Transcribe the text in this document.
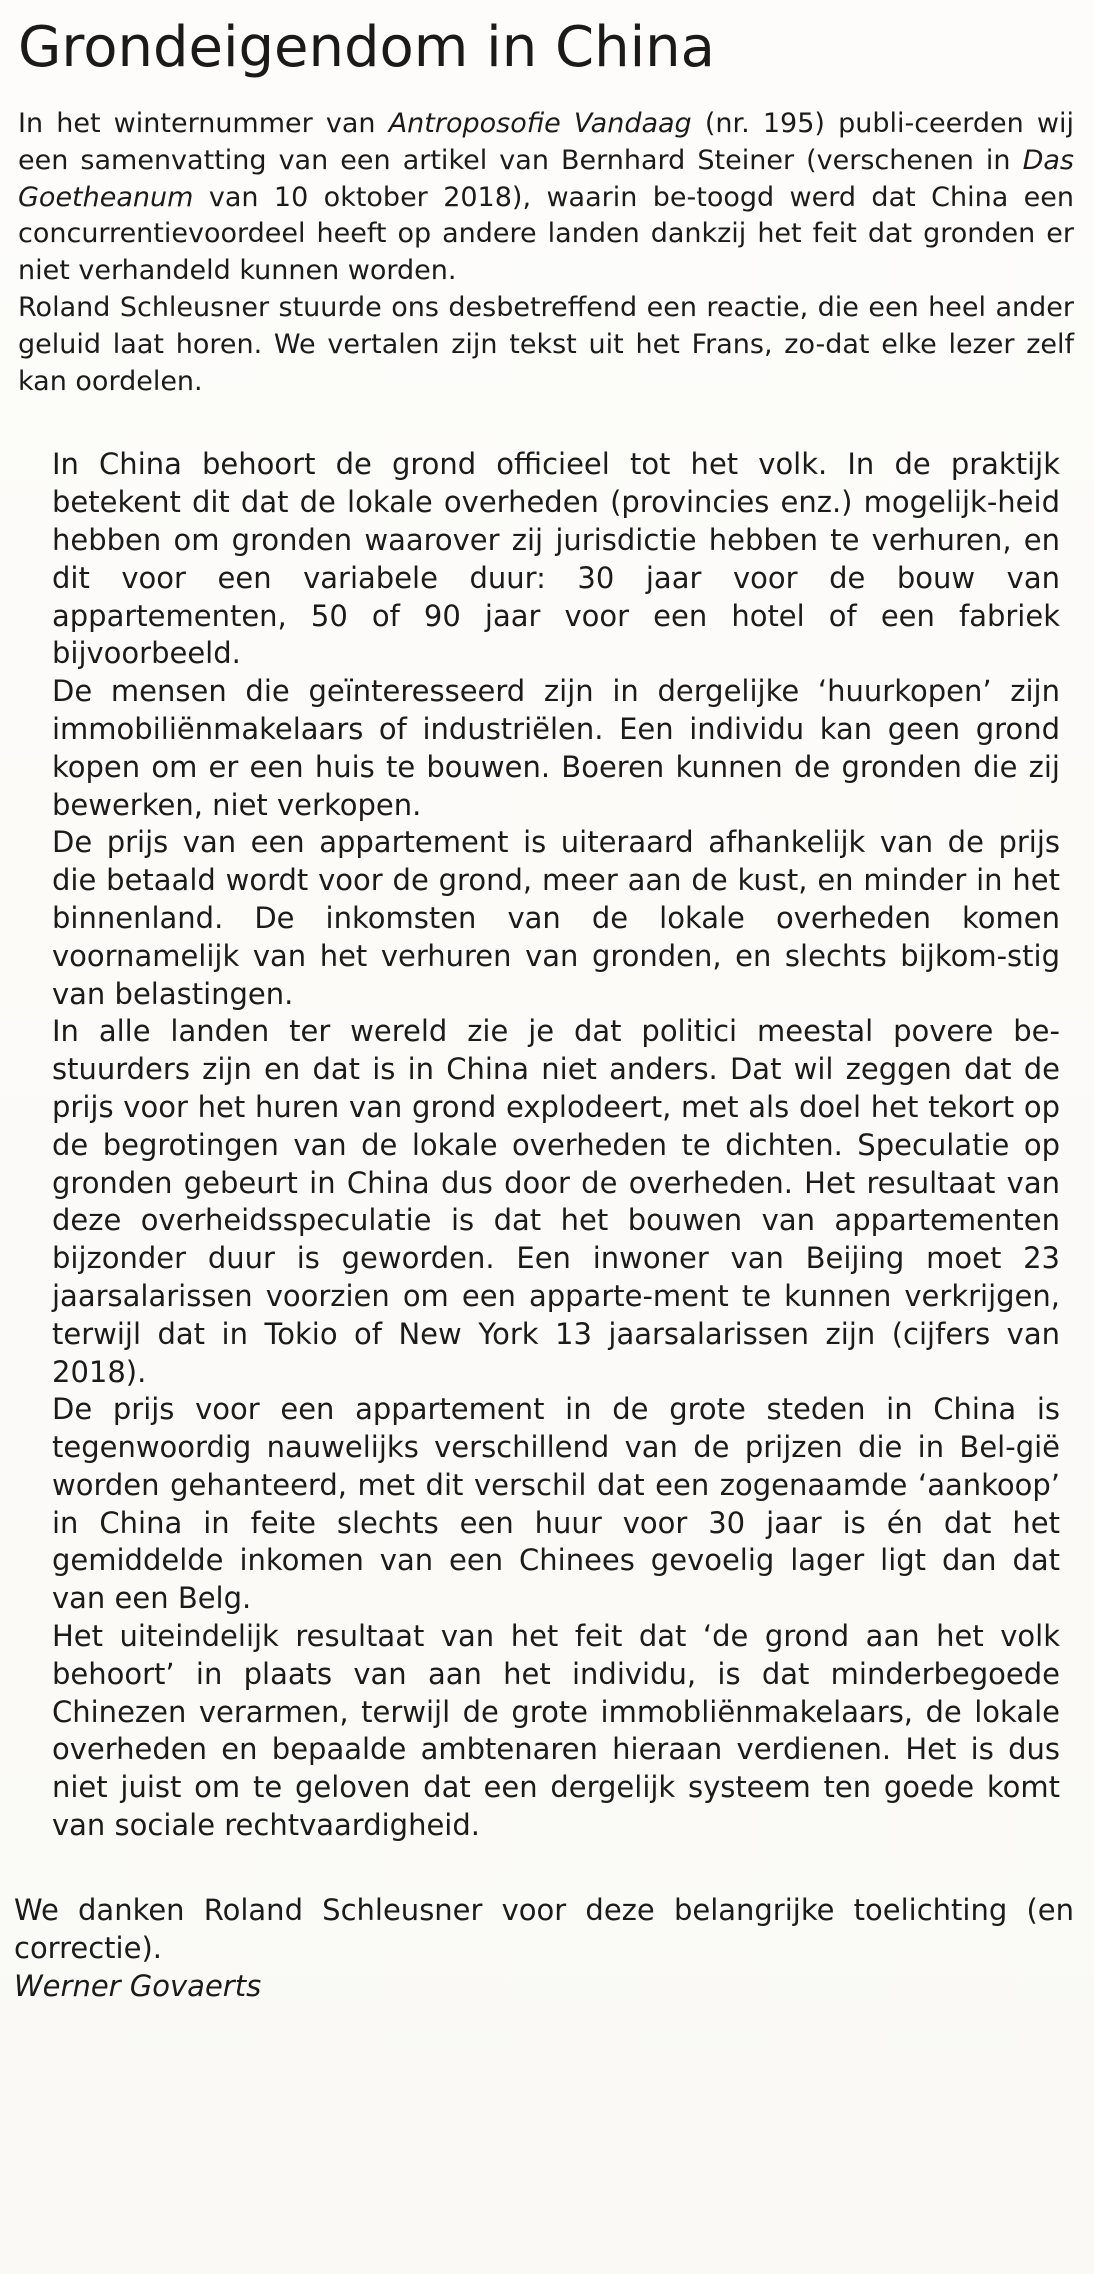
Grondeigendom in China

In het winternummer van Antroposofie Vandaag (nr. 195) publi-ceerden wij een samenvatting van een artikel van Bernhard Steiner (verschenen in Das Goetheanum van 10 oktober 2018), waarin be-toogd werd dat China een concurrentievoordeel heeft op andere landen dankzij het feit dat gronden er niet verhandeld kunnen worden.

Roland Schleusner stuurde ons desbetreffend een reactie, die een heel ander geluid laat horen. We vertalen zijn tekst uit het Frans, zo-dat elke lezer zelf kan oordelen.

In China behoort de grond officieel tot het volk. In de praktijk betekent dit dat de lokale overheden (provincies enz.) mogelijk-heid hebben om gronden waarover zij jurisdictie hebben te verhuren, en dit voor een variabele duur: 30 jaar voor de bouw van appartementen, 50 of 90 jaar voor een hotel of een fabriek bijvoorbeeld.

De mensen die geïnteresseerd zijn in dergelijke ‘huurkopen’ zijn immobiliënmakelaars of industriëlen. Een individu kan geen grond kopen om er een huis te bouwen. Boeren kunnen de gronden die zij bewerken, niet verkopen.

De prijs van een appartement is uiteraard afhankelijk van de prijs die betaald wordt voor de grond, meer aan de kust, en minder in het binnenland. De inkomsten van de lokale overheden komen voornamelijk van het verhuren van gronden, en slechts bijkom-stig van belastingen.

In alle landen ter wereld zie je dat politici meestal povere be-stuurders zijn en dat is in China niet anders. Dat wil zeggen dat de prijs voor het huren van grond explodeert, met als doel het tekort op de begrotingen van de lokale overheden te dichten. Speculatie op gronden gebeurt in China dus door de overheden. Het resultaat van deze overheidsspeculatie is dat het bouwen van appartementen bijzonder duur is geworden. Een inwoner van Beijing moet 23 jaarsalarissen voorzien om een apparte-ment te kunnen verkrijgen, terwijl dat in Tokio of New York 13 jaarsalarissen zijn (cijfers van 2018).

De prijs voor een appartement in de grote steden in China is tegenwoordig nauwelijks verschillend van de prijzen die in Bel-gië worden gehanteerd, met dit verschil dat een zogenaamde ‘aankoop’ in China in feite slechts een huur voor 30 jaar is én dat het gemiddelde inkomen van een Chinees gevoelig lager ligt dan dat van een Belg.

Het uiteindelijk resultaat van het feit dat ‘de grond aan het volk behoort’ in plaats van aan het individu, is dat minderbegoede Chinezen verarmen, terwijl de grote immobliënmakelaars, de lokale overheden en bepaalde ambtenaren hieraan verdienen. Het is dus niet juist om te geloven dat een dergelijk systeem ten goede komt van sociale rechtvaardigheid.

We danken Roland Schleusner voor deze belangrijke toelichting (en correctie).

Werner Govaerts
